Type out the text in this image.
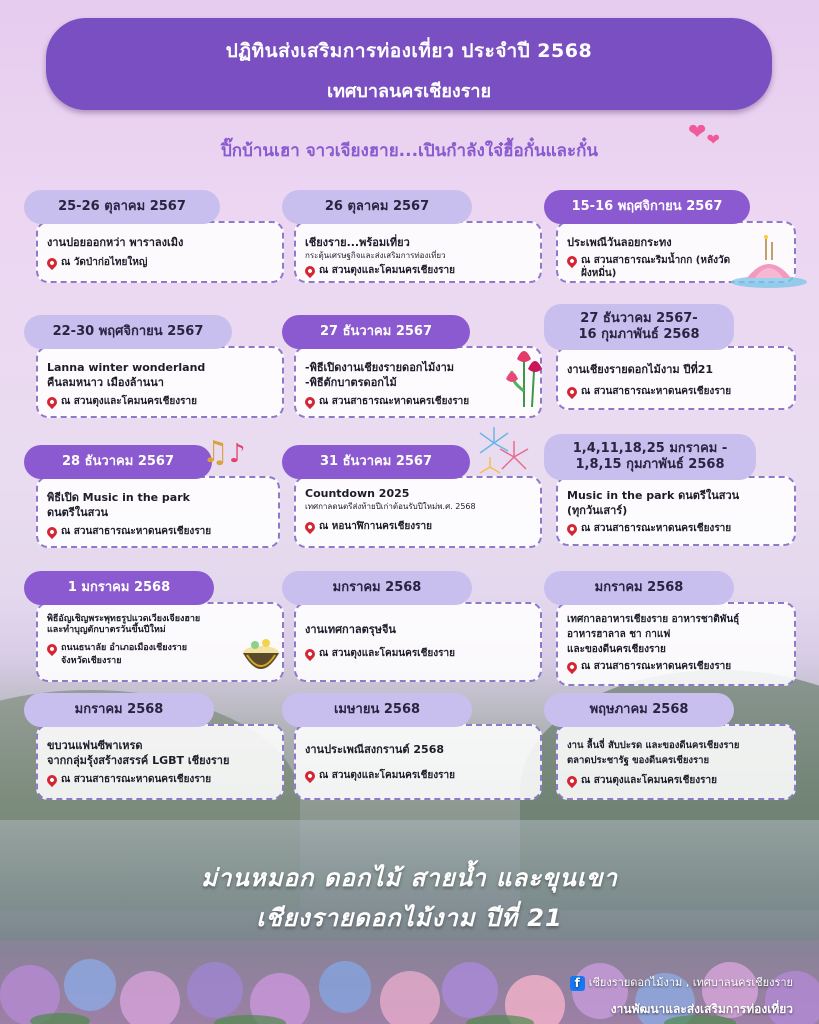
ปฏิทินส่งเสริมการท่องเที่ยว ประจำปี 2568
เทศบาลนครเชียงราย
ปิ๊กบ้านเฮา จาวเจียงฮาย...เปินกำลังใจ๋ฮื้อกั๋นและกั๋น
$❤_❤$
25-26 ตุลาคม 2567
งานปอยออกหว่า พาราลงเมิง
ณ วัดป่าก่อไทยใหญ่
26 ตุลาคม 2567
เชียงราย...พร้อมเที่ยว
กระตุ้นเศรษฐกิจและส่งเสริมการท่องเที่ยว
ณ สวนตุงและโคมนครเชียงราย
15-16 พฤศจิกายน 2567
ประเพณีวันลอยกระทง
ณ สวนสาธารณะริมน้ำกก (หลังวัดฝั่งหมิ่น)
22-30 พฤศจิกายน 2567
Lanna winter wonderland
คืนลมหนาว เมืองล้านนา
ณ สวนตุงและโคมนครเชียงราย
27 ธันวาคม 2567
-พิธีเปิดงานเชียงรายดอกไม้งาม
-พิธีตักบาตรดอกไม้
ณ สวนสาธารณะหาดนครเชียงราย
27 ธันวาคม 2567-
16 กุมภาพันธ์ 2568
งานเชียงรายดอกไม้งาม ปีที่21
ณ สวนสาธารณะหาดนครเชียงราย
28 ธันวาคม 2567
พิธีเปิด Music in the park
ดนตรีในสวน
ณ สวนสาธารณะหาดนครเชียงราย
♫♪	31 ธันวาคม 2567
Countdown 2025
เทศกาลดนตรีส่งท้ายปีเก่าต้อนรับปีใหม่พ.ศ. 2568
ณ หอนาฬิกานครเชียงราย
1,4,11,18,25 มกราคม -
1,8,15 กุมภาพันธ์ 2568
Music in the park ดนตรีในสวน
(ทุกวันเสาร์)
ณ สวนสาธารณะหาดนครเชียงราย
1 มกราคม 2568
พิธีอัญเชิญพระพุทธรูปแวดเวียงเจียงฮาย
และทำบุญตักบาตรวันขึ้นปีใหม่
ถนนธนาลัย อำเภอเมืองเชียงราย
จังหวัดเชียงราย
มกราคม 2568
งานเทศกาลตรุษจีน
ณ สวนตุงและโคมนครเชียงราย
มกราคม 2568
เทศกาลอาหารเชียงราย อาหารชาติพันธุ์
อาหารฮาลาล ชา กาแฟ
และของดีนครเชียงราย
ณ สวนสาธารณะหาดนครเชียงราย
มกราคม 2568
ขบวนแฟนซีพาเหรด
จากกลุ่มรุ้งสร้างสรรค์ LGBT เชียงราย
ณ สวนสาธารณะหาดนครเชียงราย
เมษายน 2568
งานประเพณีสงกรานต์ 2568
ณ สวนตุงและโคมนครเชียงราย
พฤษภาคม 2568
งาน ลื้นจี่ สับปะรด และของดีนครเชียงราย
ตลาดประชารัฐ ของดีนครเชียงราย
ณ สวนตุงและโคมนครเชียงราย
ม่านหมอก ดอกไม้ สายน้ำ และขุนเขา
เชียงรายดอกไม้งาม ปีที่ 21
f เชียงรายดอกไม้งาม , เทศบาลนครเชียงราย
งานพัฒนาและส่งเสริมการท่องเที่ยว
